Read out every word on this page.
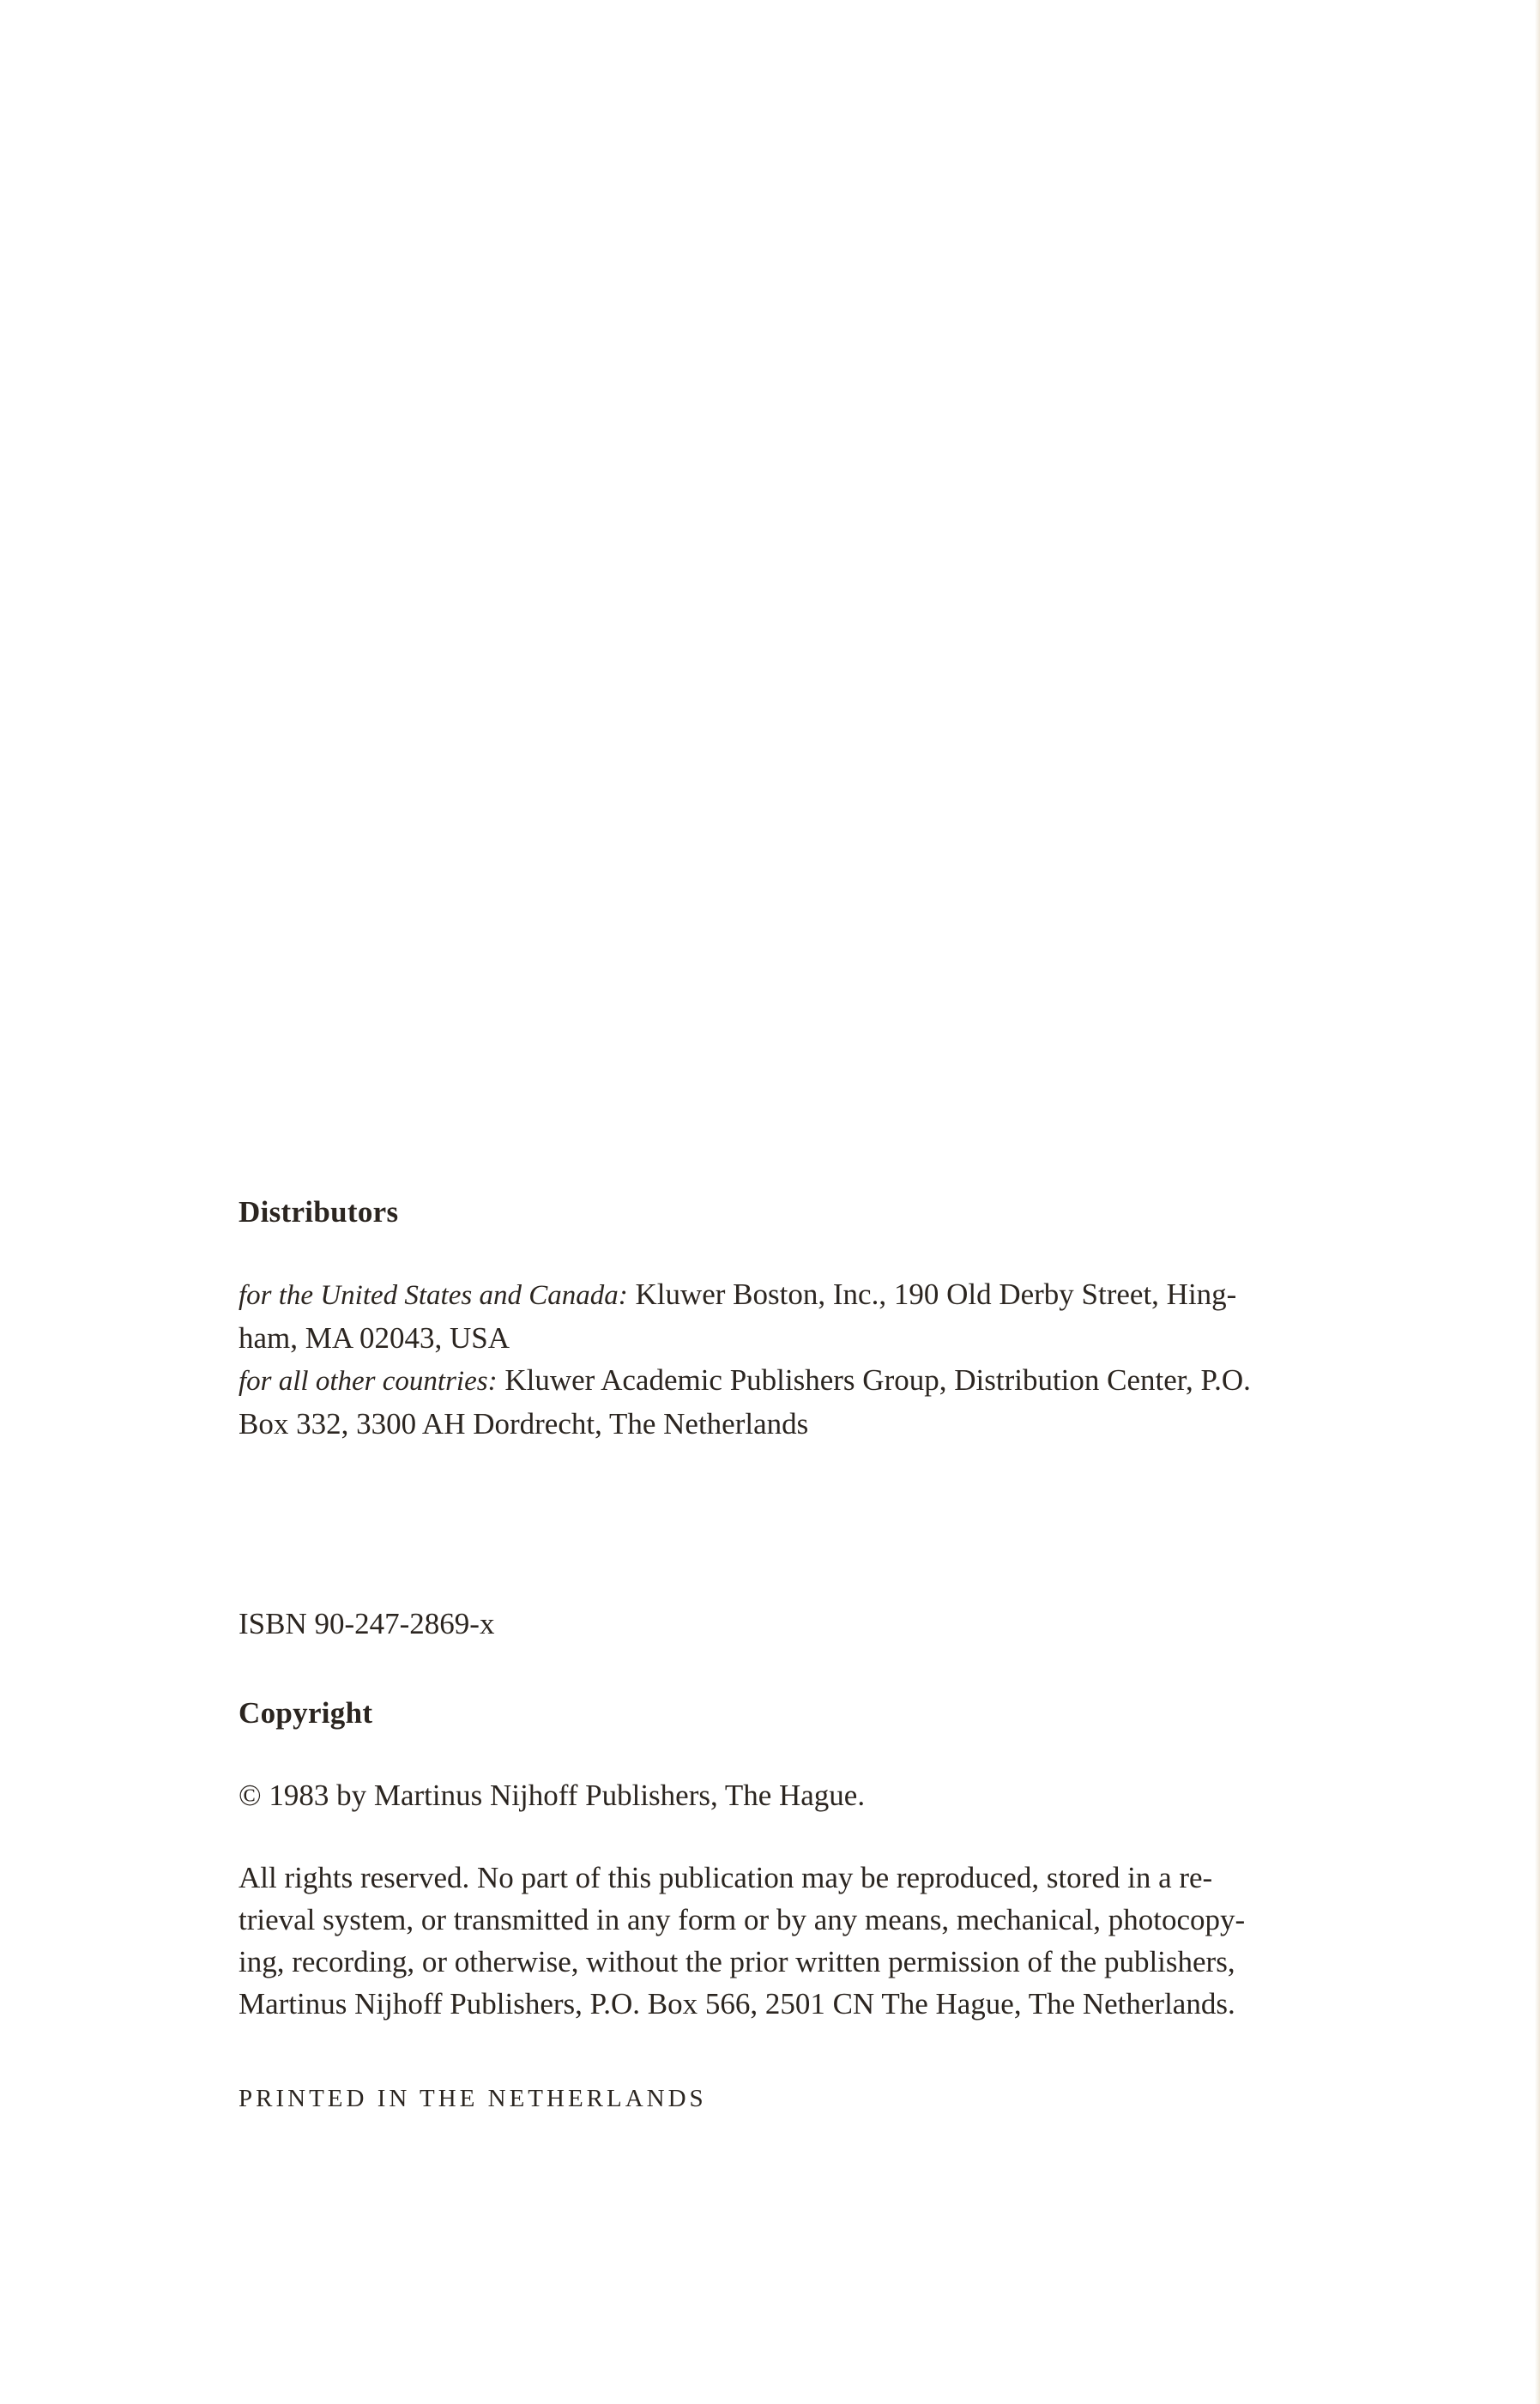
Distributors
for the United States and Canada: Kluwer Boston, Inc., 190 Old Derby Street, Hing-
ham, MA 02043, USA
for all other countries: Kluwer Academic Publishers Group, Distribution Center, P.O.
Box 332, 3300 AH Dordrecht, The Netherlands
ISBN 90-247-2869-x
Copyright
© 1983 by Martinus Nijhoff Publishers, The Hague.
All rights reserved. No part of this publication may be reproduced, stored in a re-
trieval system, or transmitted in any form or by any means, mechanical, photocopy-
ing, recording, or otherwise, without the prior written permission of the publishers,
Martinus Nijhoff Publishers, P.O. Box 566, 2501 CN The Hague, The Netherlands.
PRINTED IN THE NETHERLANDS
